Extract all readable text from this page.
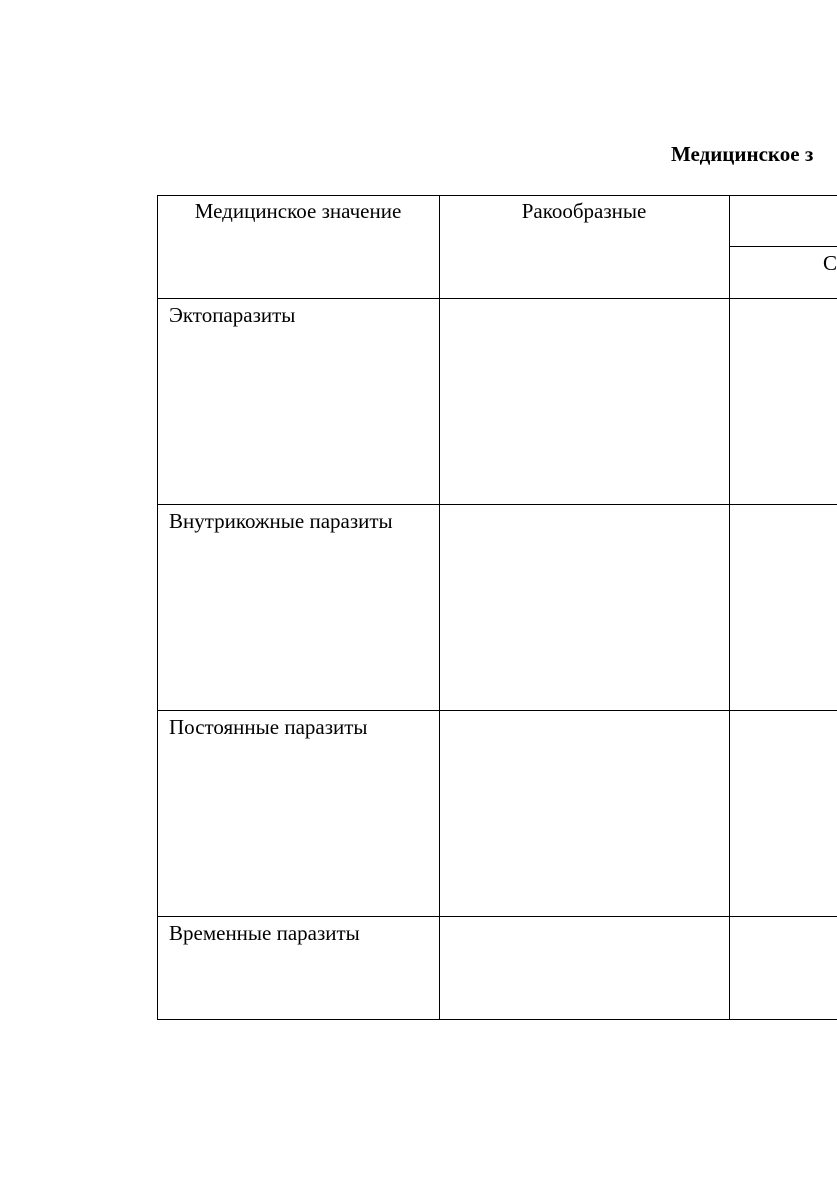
Медицинское з
Медицинское значение	Ракообразные
С
Эктопаразиты
Внутрикожные паразиты
Постоянные паразиты
Временные паразиты
